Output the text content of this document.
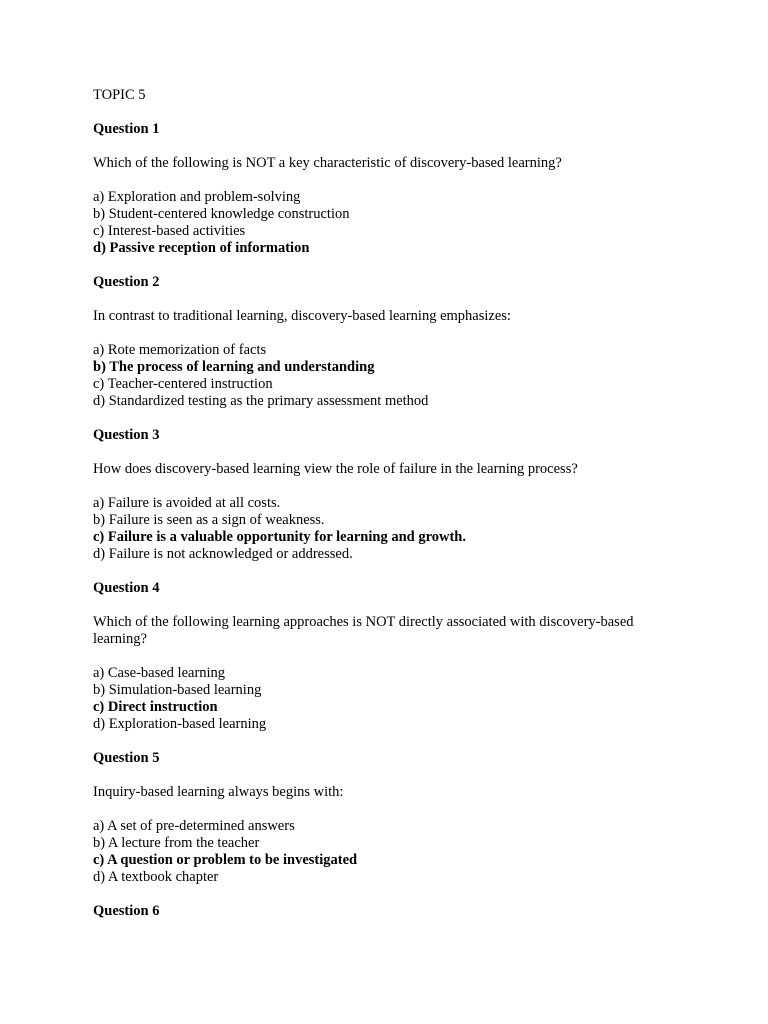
TOPIC 5
Question 1
Which of the following is NOT a key characteristic of discovery-based learning?
a) Exploration and problem-solving
b) Student-centered knowledge construction
c) Interest-based activities
d) Passive reception of information
Question 2
In contrast to traditional learning, discovery-based learning emphasizes:
a) Rote memorization of facts
b) The process of learning and understanding
c) Teacher-centered instruction
d) Standardized testing as the primary assessment method
Question 3
How does discovery-based learning view the role of failure in the learning process?
a) Failure is avoided at all costs.
b) Failure is seen as a sign of weakness.
c) Failure is a valuable opportunity for learning and growth.
d) Failure is not acknowledged or addressed.
Question 4
Which of the following learning approaches is NOT directly associated with discovery-based learning?
a) Case-based learning
b) Simulation-based learning
c) Direct instruction
d) Exploration-based learning
Question 5
Inquiry-based learning always begins with:
a) A set of pre-determined answers
b) A lecture from the teacher
c) A question or problem to be investigated
d) A textbook chapter
Question 6
